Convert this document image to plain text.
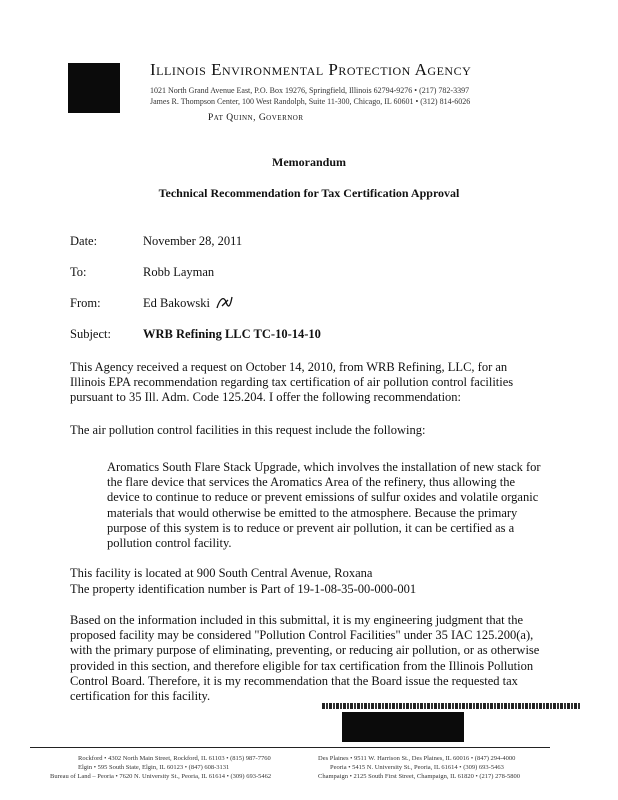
Illinois Environmental Protection Agency
1021 North Grand Avenue East, P.O. Box 19276, Springfield, Illinois 62794-9276 • (217) 782-3397
James R. Thompson Center, 100 West Randolph, Suite 11-300, Chicago, IL 60601 • (312) 814-6026
Pat Quinn, Governor
Memorandum
Technical Recommendation for Tax Certification Approval
Date:	November 28, 2011
To:	Robb Layman
From:	Ed Bakowski
Subject:	WRB Refining LLC TC-10-14-10
This Agency received a request on October 14, 2010, from WRB Refining, LLC, for an Illinois EPA recommendation regarding tax certification of air pollution control facilities pursuant to 35 Ill. Adm. Code 125.204. I offer the following recommendation:
The air pollution control facilities in this request include the following:
Aromatics South Flare Stack Upgrade, which involves the installation of new stack for the flare device that services the Aromatics Area of the refinery, thus allowing the device to continue to reduce or prevent emissions of sulfur oxides and volatile organic materials that would otherwise be emitted to the atmosphere. Because the primary purpose of this system is to reduce or prevent air pollution, it can be certified as a pollution control facility.
This facility is located at 900 South Central Avenue, Roxana
The property identification number is Part of 19-1-08-35-00-000-001
Based on the information included in this submittal, it is my engineering judgment that the proposed facility may be considered "Pollution Control Facilities" under 35 IAC 125.200(a), with the primary purpose of eliminating, preventing, or reducing air pollution, or as otherwise provided in this section, and therefore eligible for tax certification from the Illinois Pollution Control Board. Therefore, it is my recommendation that the Board issue the requested tax certification for this facility.
Rockford • 4302 North Main Street, Rockford, IL 61103 • (815) 987-7760
Elgin • 595 South State, Elgin, IL 60123 • (847) 608-3131
Bureau of Land – Peoria • 7620 N. University St., Peoria, IL 61614 • (309) 693-5462
Des Plaines • 9511 W. Harrison St., Des Plaines, IL 60016 • (847) 294-4000
Peoria • 5415 N. University St., Peoria, IL 61614 • (309) 693-5463
Champaign • 2125 South First Street, Champaign, IL 61820 • (217) 278-5800
